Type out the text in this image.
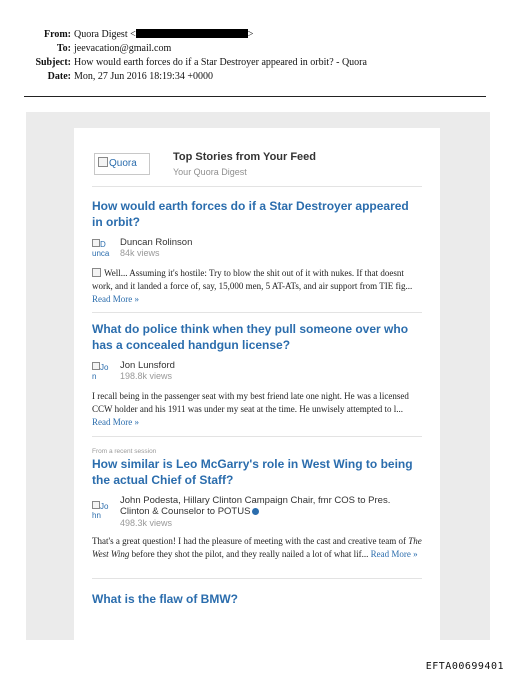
From: Quora Digest <	>
To: jeevacation@gmail.com
Subject: How would earth forces do if a Star Destroyer appeared in orbit? - Quora
Date: Mon, 27 Jun 2016 18:19:34 +0000
Quora
Top Stories from Your Feed
Your Quora Digest

How would earth forces do if a Star Destroyer appeared in orbit?

D
unca
Duncan Rolinson
84k views
Well... Assuming it's hostile: Try to blow the shit out of it with nukes. If that doesnt work, and it landed a force of, say, 15,000 men, 5 AT-ATs, and air support from TIE fig... Read More »

What do police think when they pull someone over who has a concealed handgun license?

Jo
n
Jon Lunsford
198.8k views
I recall being in the passenger seat with my best friend late one night. He was a licensed CCW holder and his 1911 was under my seat at the time. He unwisely attempted to l... Read More »
From a recent session

How similar is Leo McGarry's role in West Wing to being the actual Chief of Staff?

Jo
hn
John Podesta, Hillary Clinton Campaign Chair, fmr COS to Pres. Clinton & Counselor to POTUS
498.3k views
That's a great question! I had the pleasure of meeting with the cast and creative team of The West Wing before they shot the pilot, and they really nailed a lot of what lif... Read More »

What is the flaw of BMW?

EFTA00699401
